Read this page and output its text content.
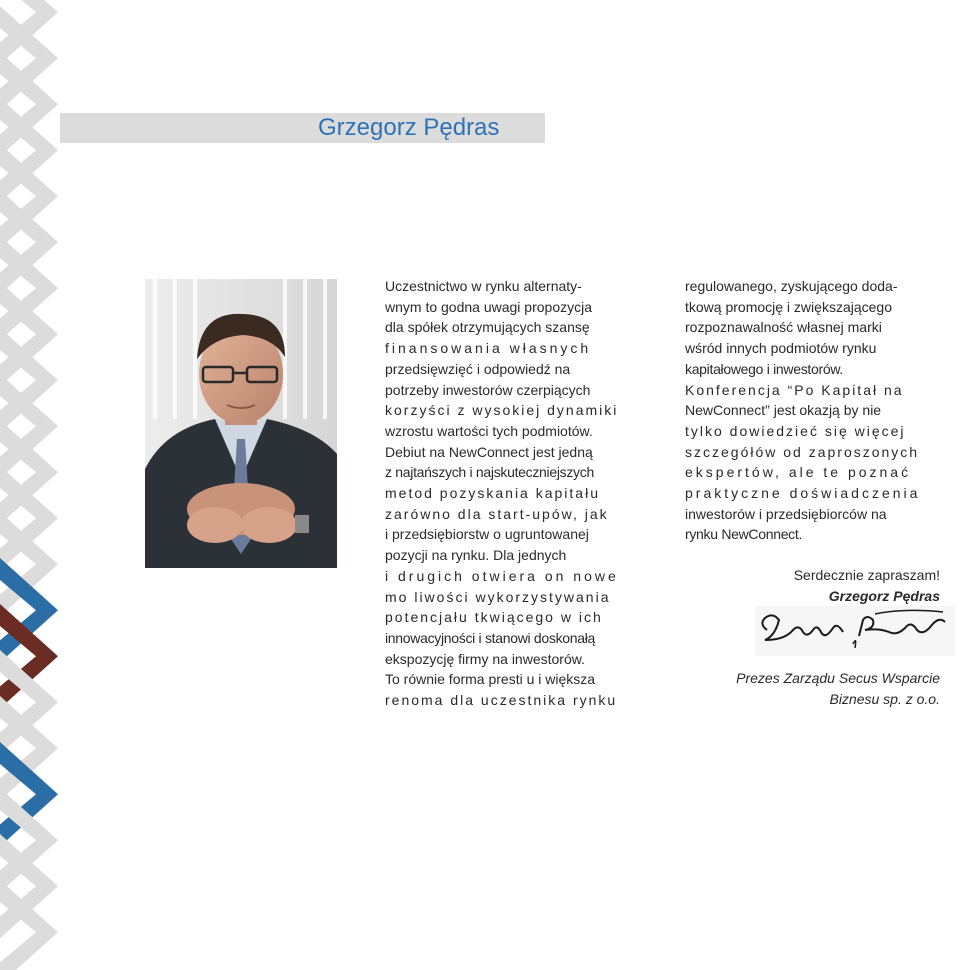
Grzegorz Pędras

Uczestnictwo w rynku alternaty-

wnym to godna uwagi propozycja

dla spółek otrzymujących szansę

finansowania własnych

przedsięwzięć i odpowiedź na

potrzeby inwestorów czerpiących

korzyści z wysokiej dynamiki

wzrostu wartości tych podmiotów.

Debiut na NewConnect jest jedną

z najtańszych i najskuteczniejszych

metod pozyskania kapitału

zarówno dla start-upów, jak

i przedsiębiorstw o ugruntowanej

pozycji na rynku. Dla jednych

i drugich otwiera on nowe

mo liwości wykorzystywania

potencjału tkwiącego w ich

innowacyjności i stanowi doskonałą

ekspozycję firmy na inwestorów.

To równie forma presti u i większa

renoma dla uczestnika rynku

regulowanego, zyskującego doda-

tkową promocję i zwiększającego

rozpoznawalność własnej marki

wśród innych podmiotów rynku

kapitałowego i inwestorów.

Konferencja “Po Kapitał na

NewConnect” jest okazją by nie

tylko dowiedzieć się więcej

szczegółów od zaproszonych

ekspertów, ale te poznać

praktyczne doświadczenia

inwestorów i przedsiębiorców na

rynku NewConnect.

Serdecznie zapraszam!
Grzegorz Pędras
Prezes Zarządu Secus Wsparcie
Biznesu sp. z o.o.
